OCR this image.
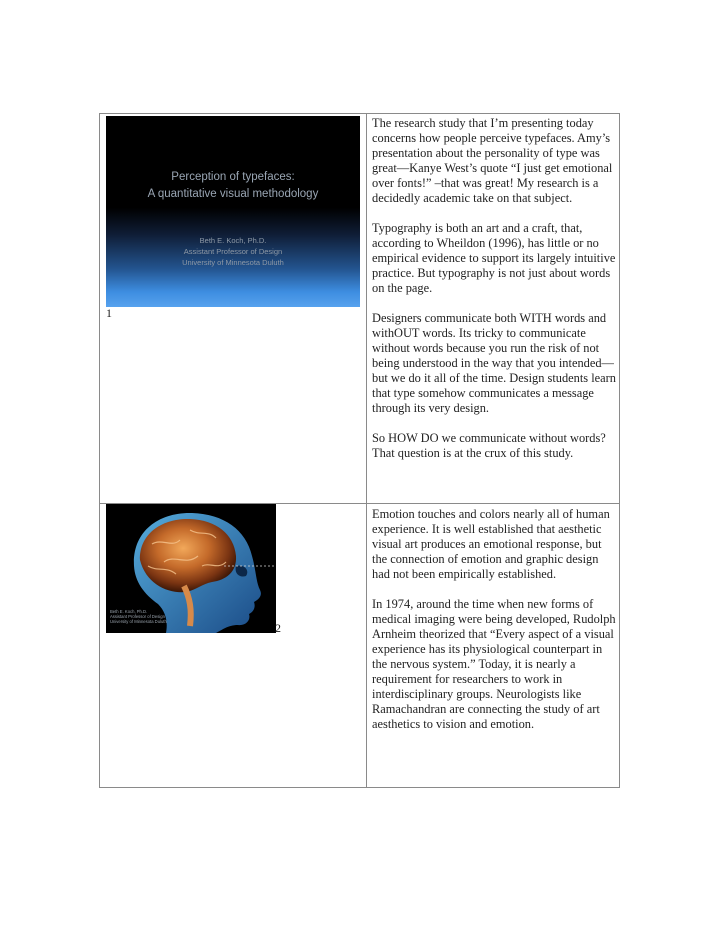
Perception of typefaces:
A quantitative visual methodology
Beth E. Koch, Ph.D.
Assistant Professor of Design
University of Minnesota Duluth
1

The research study that I’m presenting today concerns how people perceive typefaces. Amy’s presentation about the personality of type was great—Kanye West’s quote “I just get emotional over fonts!” –that was great! My research is a decidedly academic take on that subject.

Typography is both an art and a craft, that, according to Wheildon (1996), has little or no empirical evidence to support its largely intuitive practice. But typography is not just about words on the page.

Designers communicate both WITH words and withOUT words. Its tricky to communicate without words because you run the risk of not being understood in the way that you intended—but we do it all of the time. Design students learn that type somehow communicates a message through its very design.

So HOW DO we communicate without words? That question is at the crux of this study.

Beth E. Koch, Ph.D.
Assistant Professor of Design
University of Minnesota Duluth	2

Emotion touches and colors nearly all of human experience. It is well established that aesthetic visual art produces an emotional response, but the connection of emotion and graphic design had not been empirically established.

In 1974, around the time when new forms of medical imaging were being developed, Rudolph Arnheim theorized that “Every aspect of a visual experience has its physiological counterpart in the nervous system.” Today, it is nearly a requirement for researchers to work in interdisciplinary groups. Neurologists like Ramachandran are connecting the study of art aesthetics to vision and emotion.
